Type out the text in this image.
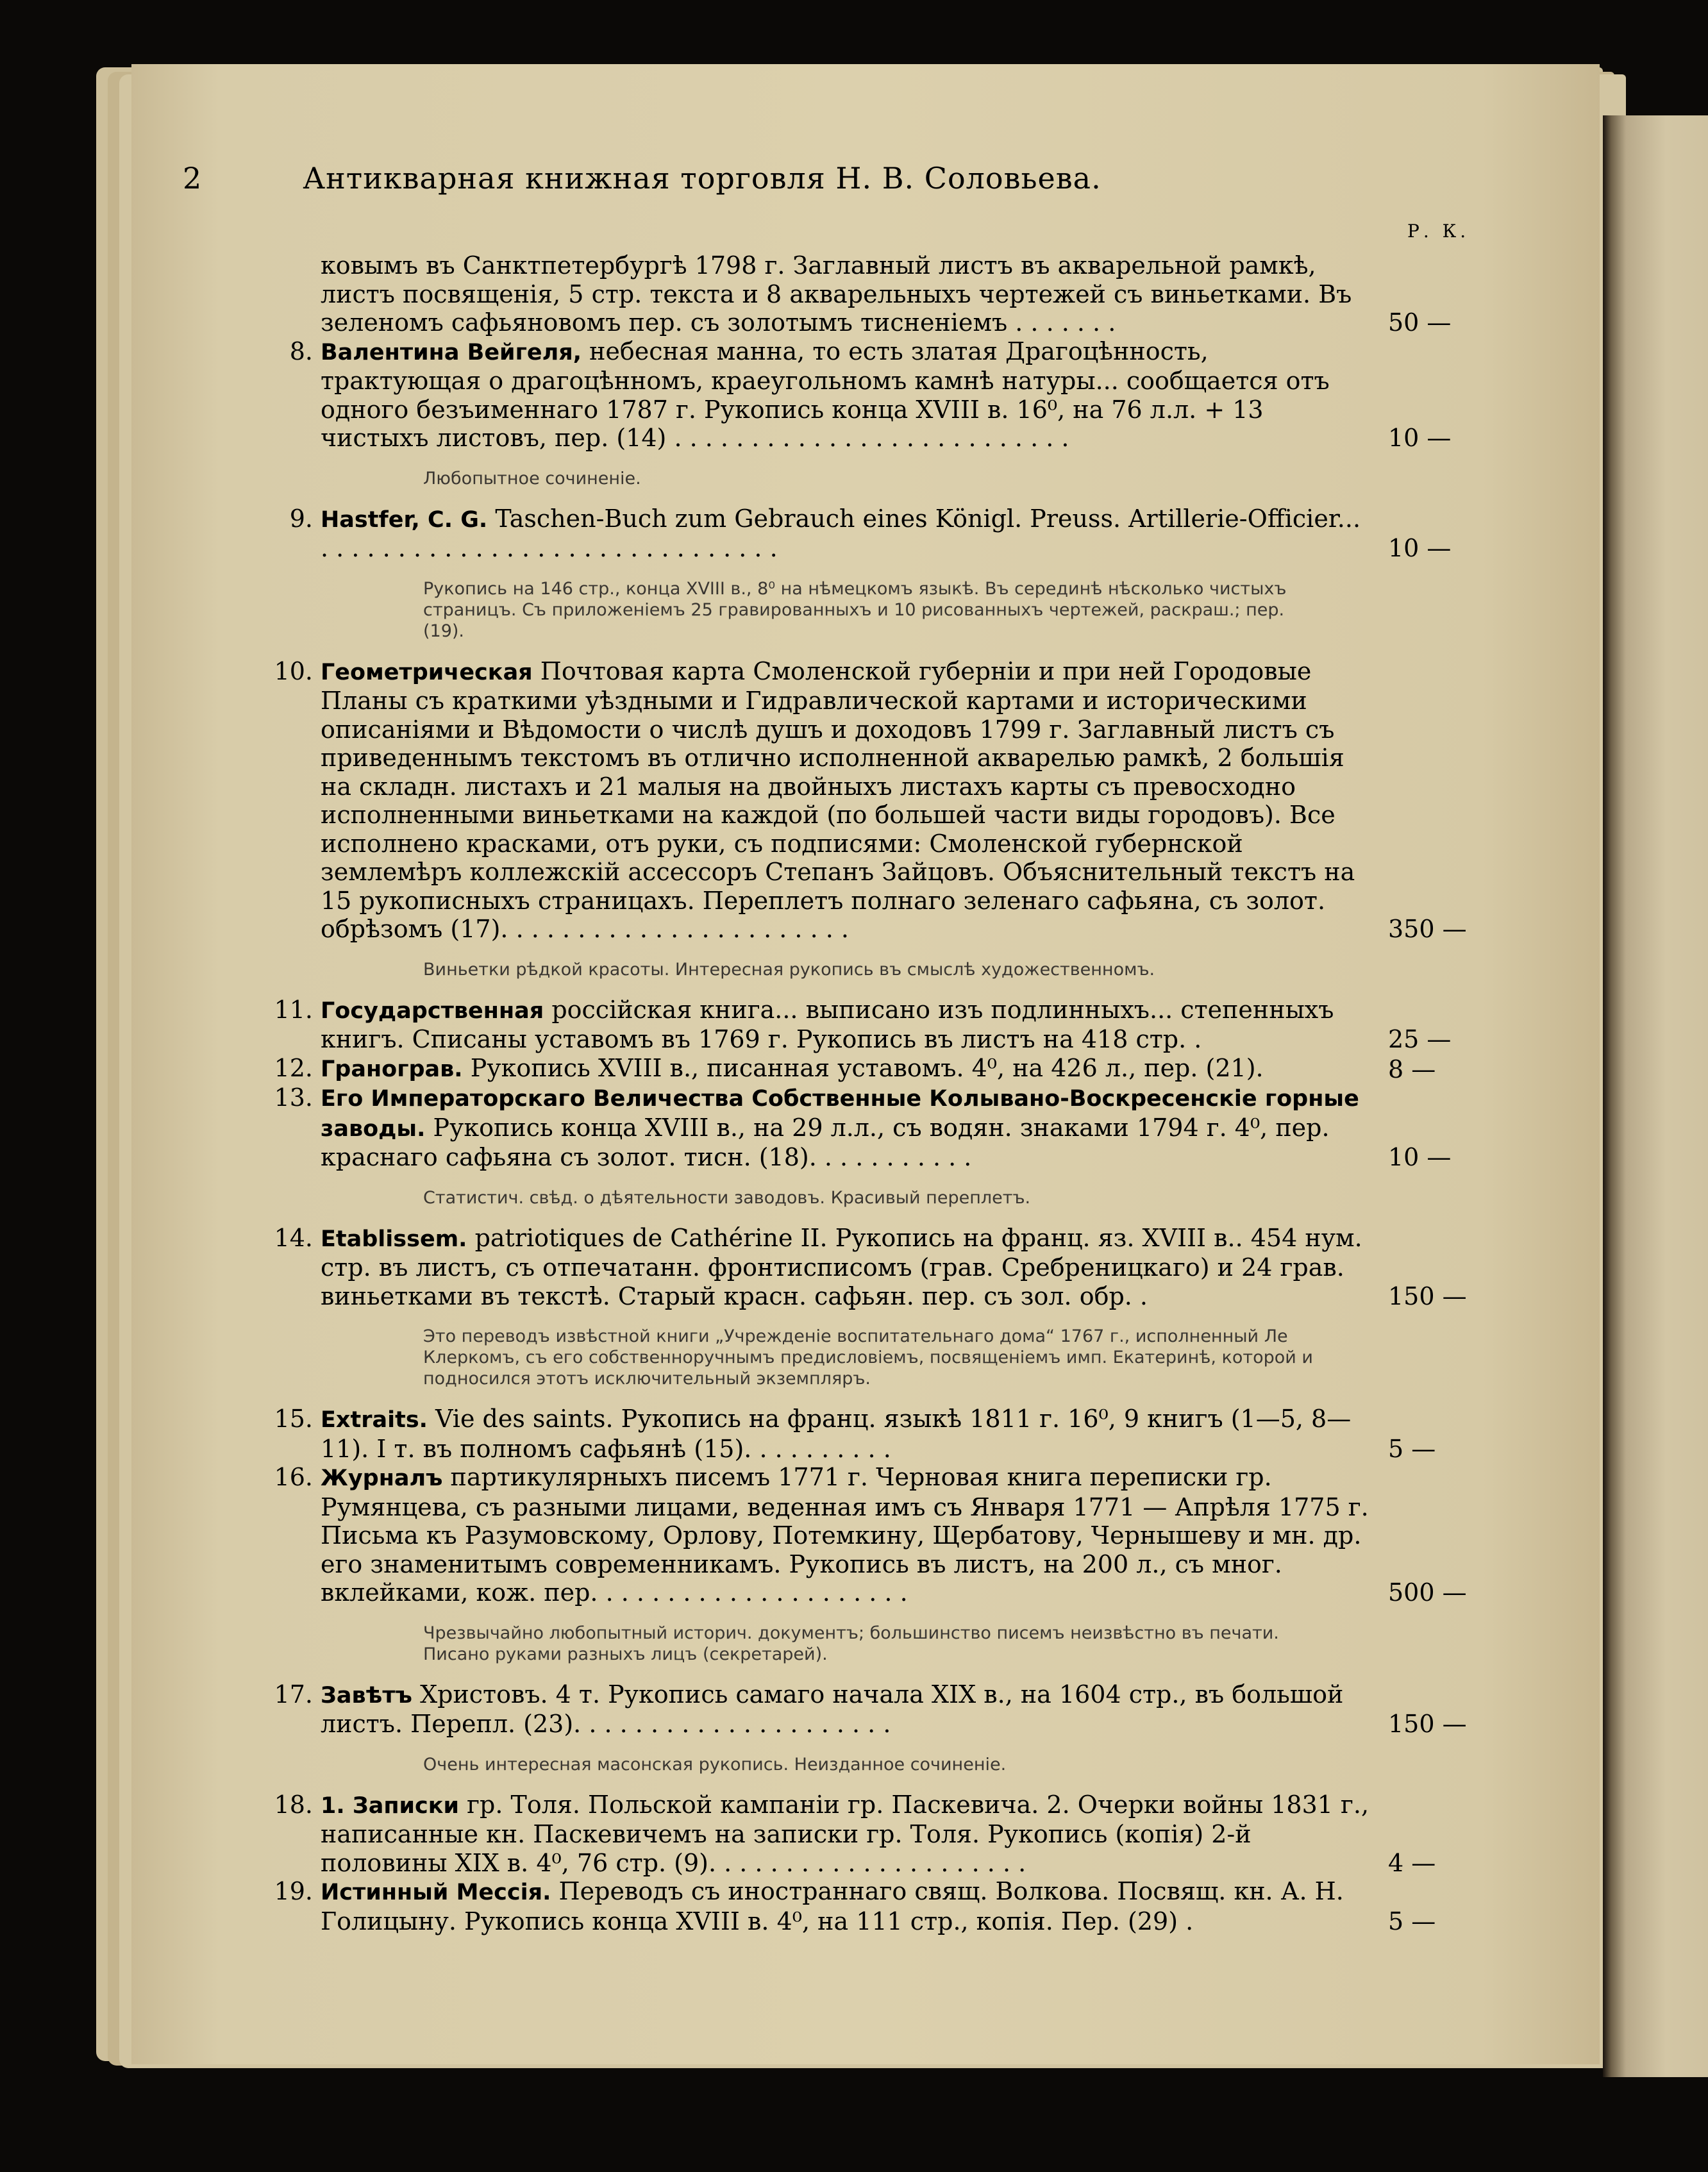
2	Антикварная книжная торговля Н. В. Соловьева.
Р. К.
ковымъ въ Санктпетербургѣ 1798 г. Заглавный листъ въ акварельной рамкѣ, листъ посвященія, 5 стр. текста и 8 акварельныхъ чертежей съ виньетками. Въ зеленомъ сафьяновомъ пер. съ золотымъ тисненіемъ . . . . . . .	50 —
8. Валентина Вейгеля, небесная манна, то есть златая Драгоцѣнность, трактующая о драгоцѣнномъ, краеугольномъ камнѣ натуры... сообщается отъ одного безъименнаго 1787 г. Рукопись конца XVIII в. 16⁰, на 76 л.л. + 13 чистыхъ листовъ, пер. (14) . . . . . . . . . . . . . . . . . . . . . . . . . .	10 —
Любопытное сочиненіе.
9. Hastfer, C. G. Taschen-Buch zum Gebrauch eines Königl. Preuss. Artillerie-Officier... . . . . . . . . . . . . . . . . . . . . . . . . . . . . . .	10 —
Рукопись на 146 стр., конца XVIII в., 8⁰ на нѣмецкомъ языкѣ. Въ серединѣ нѣсколько чистыхъ страницъ. Съ приложеніемъ 25 гравированныхъ и 10 рисованныхъ чертежей, раскраш.; пер. (19).
10. Геометрическая Почтовая карта Смоленской губерніи и при ней Городовые Планы съ краткими уѣздными и Гидравлической картами и историческими описаніями и Вѣдомости о числѣ душъ и доходовъ 1799 г. Заглавный листъ съ приведеннымъ текстомъ въ отлично исполненной акварелью рамкѣ, 2 большія на складн. листахъ и 21 малыя на двойныхъ листахъ карты съ превосходно исполненными виньетками на каждой (по большей части виды городовъ). Все исполнено красками, отъ руки, съ подписями: Смоленской губернской землемѣръ коллежскій ассессоръ Степанъ Зайцовъ. Объяснительный текстъ на 15 рукописныхъ страницахъ. Переплетъ полнаго зеленаго сафьяна, съ золот. обрѣзомъ (17). . . . . . . . . . . . . . . . . . . . . . .	350 —
Виньетки рѣдкой красоты. Интересная рукопись въ смыслѣ художественномъ.
11. Государственная россійская книга... выписано изъ подлинныхъ... степенныхъ книгъ. Списаны уставомъ въ 1769 г. Рукопись въ листъ на 418 стр. .	25 —
12. Гранограв. Рукопись XVIII в., писанная уставомъ. 4⁰, на 426 л., пер. (21).	8 —
13. Его Императорскаго Величества Собственные Колывано-Воскресенскіе горные заводы. Рукопись конца XVIII в., на 29 л.л., съ водян. знаками 1794 г. 4⁰, пер. краснаго сафьяна съ золот. тисн. (18). . . . . . . . . . .	10 —
Статистич. свѣд. о дѣятельности заводовъ. Красивый переплетъ.
14. Etablissem. patriotiques de Cathérine II. Рукопись на франц. яз. XVIII в.. 454 нум. стр. въ листъ, съ отпечатанн. фронтисписомъ (грав. Сребреницкаго) и 24 грав. виньетками въ текстѣ. Старый красн. сафьян. пер. съ зол. обр. .	150 —
Это переводъ извѣстной книги „Учрежденіе воспитательнаго дома“ 1767 г., исполненный Ле Клеркомъ, съ его собственноручнымъ предисловіемъ, посвященіемъ имп. Екатеринѣ, которой и подносился этотъ исключительный экземпляръ.
15. Extraits. Vie des saints. Рукопись на франц. языкѣ 1811 г. 16⁰, 9 книгъ (1—5, 8—11). I т. въ полномъ сафьянѣ (15). . . . . . . . . .	5 —
16. Журналъ партикулярныхъ писемъ 1771 г. Черновая книга переписки гр. Румянцева, съ разными лицами, веденная имъ съ Января 1771 — Апрѣля 1775 г. Письма къ Разумовскому, Орлову, Потемкину, Щербатову, Чернышеву и мн. др. его знаменитымъ современникамъ. Рукопись въ листъ, на 200 л., съ мног. вклейками, кож. пер. . . . . . . . . . . . . . . . . . . . .	500 —
Чрезвычайно любопытный историч. документъ; большинство писемъ неизвѣстно въ печати. Писано руками разныхъ лицъ (секретарей).
17. Завѣтъ Христовъ. 4 т. Рукопись самаго начала XIX в., на 1604 стр., въ большой листъ. Перепл. (23). . . . . . . . . . . . . . . . . . . . .	150 —
Очень интересная масонская рукопись. Неизданное сочиненіе.
18. 1. Записки гр. Толя. Польской кампаніи гр. Паскевича. 2. Очерки войны 1831 г., написанные кн. Паскевичемъ на записки гр. Толя. Рукопись (копія) 2-й половины XIX в. 4⁰, 76 стр. (9). . . . . . . . . . . . . . . . . . . . .	4 —
19. Истинный Мессія. Переводъ съ иностраннаго свящ. Волкова. Посвящ. кн. А. Н. Голицыну. Рукопись конца XVIII в. 4⁰, на 111 стр., копія. Пер. (29) .	5 —
